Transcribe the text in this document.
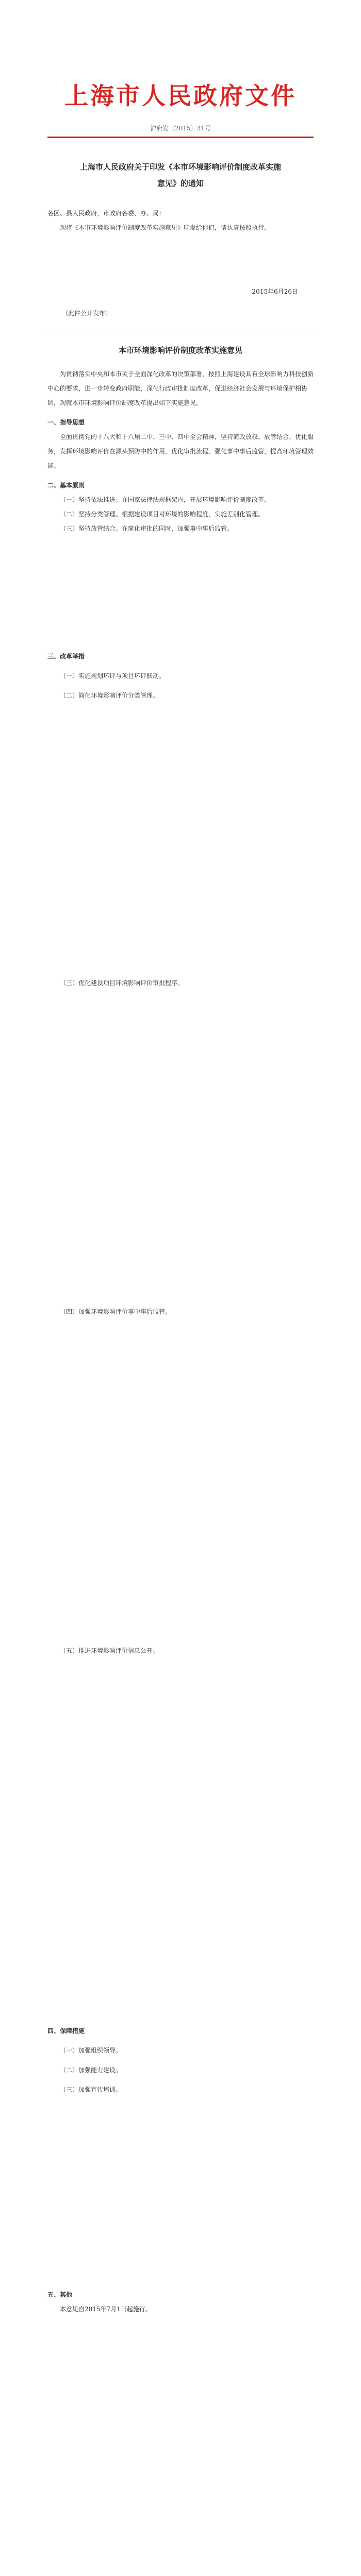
上海市人民政府文件
沪府发〔2015〕31号
上海市人民政府关于印发《本市环境影响评价制度改革实施意见》的通知

各区、县人民政府，市政府各委、办、局：

现将《本市环境影响评价制度改革实施意见》印发给你们，请认真按照执行。

2015年6月26日

（此件公开发布）

本市环境影响评价制度改革实施意见

为贯彻落实中央和本市关于全面深化改革的决策部署，按照上海建设具有全球影响力科技创新中心的要求，进一步转变政府职能，深化行政审批制度改革，促进经济社会发展与环境保护相协调，现就本市环境影响评价制度改革提出如下实施意见。

一、指导思想

全面贯彻党的十八大和十八届二中、三中、四中全会精神，坚持简政放权、放管结合、优化服务，发挥环境影响评价在源头预防中的作用，优化审批流程，强化事中事后监管，提高环境管理效能。

二、基本原则

（一）坚持依法推进。在国家法律法规框架内，开展环境影响评价制度改革。

（二）坚持分类管理。根据建设项目对环境的影响程度，实施差别化管理。

（三）坚持放管结合。在简化审批的同时，加强事中事后监管。

三、改革举措

（一）实施规划环评与项目环评联动。

（二）简化环境影响评价分类管理。

（三）优化建设项目环境影响评价审批程序。

（四）加强环境影响评价事中事后监管。

（五）推进环境影响评价信息公开。

四、保障措施

（一）加强组织领导。

（二）加强能力建设。

（三）加强宣传培训。

五、其他

本意见自2015年7月1日起施行。
